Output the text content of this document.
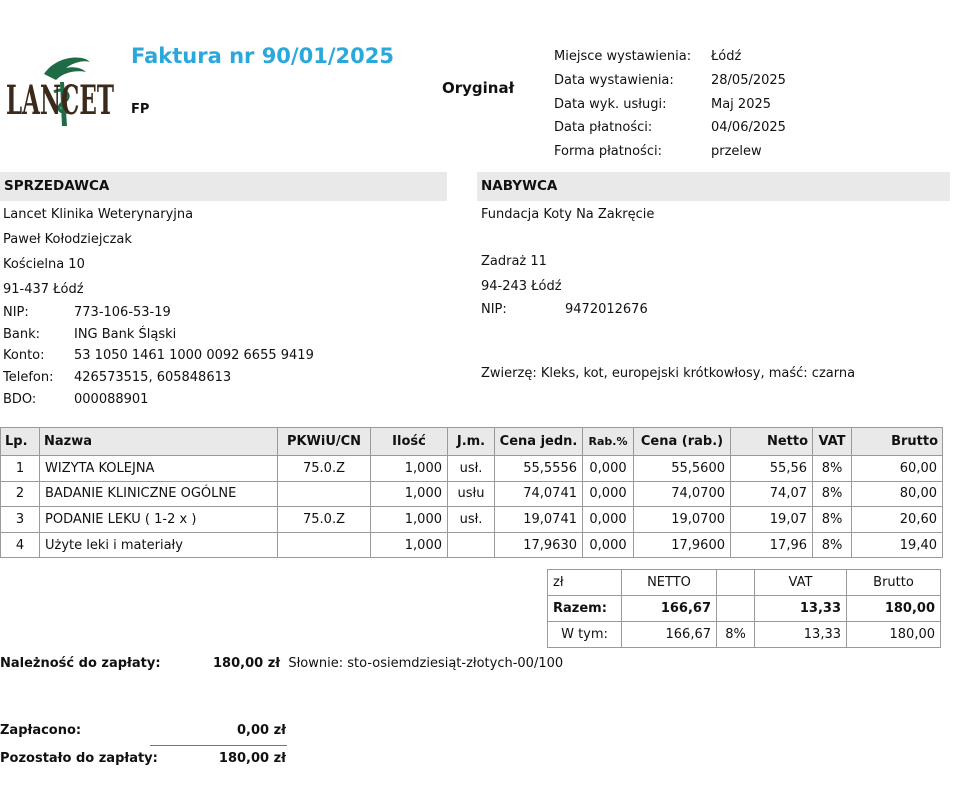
LANCET
Faktura nr 90/01/2025
FP
Oryginał
Miejsce wystawienia: Łódź
Data wystawienia:	28/05/2025
Data wyk. usługi:	Maj 2025
Data płatności:	04/06/2025
Forma płatności:	przelew
SPRZEDAWCA
Lancet Klinika Weterynaryjna
Paweł Kołodziejczak
Kościelna 10
91-437 Łódź
NIP:	773-106-53-19
Bank:	ING Bank Śląski
Konto: 53 1050 1461 1000 0092 6655 9419
Telefon: 426573515, 605848613
BDO:	000088901
NABYWCA
Fundacja Koty Na Zakręcie
Zadraż 11
94-243 Łódź
NIP:	9472012676
Zwierzę: Kleks, kot, europejski krótkowłosy, maść: czarna
Lp.	Nazwa	PKWiU/CN	Ilość	J.m.	Cena jedn.	Rab.%	Cena (rab.)	Netto	VAT	Brutto
1	WIZYTA KOLEJNA	75.0.Z	1,000	usł.	55,5556	0,000	55,5600	55,56	8%	60,00
2	BADANIE KLINICZNE OGÓLNE		1,000	usłu	74,0741	0,000	74,0700	74,07	8%	80,00
3	PODANIE LEKU ( 1-2 x )	75.0.Z	1,000	usł.	19,0741	0,000	19,0700	19,07	8%	20,60
4	Użyte leki i materiały		1,000		17,9630	0,000	17,9600	17,96	8%	19,40
zł	NETTO		VAT	Brutto
Razem:	166,67		13,33	180,00
W tym:	166,67	8%	13,33	180,00
Należność do zapłaty:	180,00 zł Słownie: sto-osiemdziesiąt-złotych-00/100
Zapłacono:	0,00 zł
Pozostało do zapłaty:	180,00 zł
